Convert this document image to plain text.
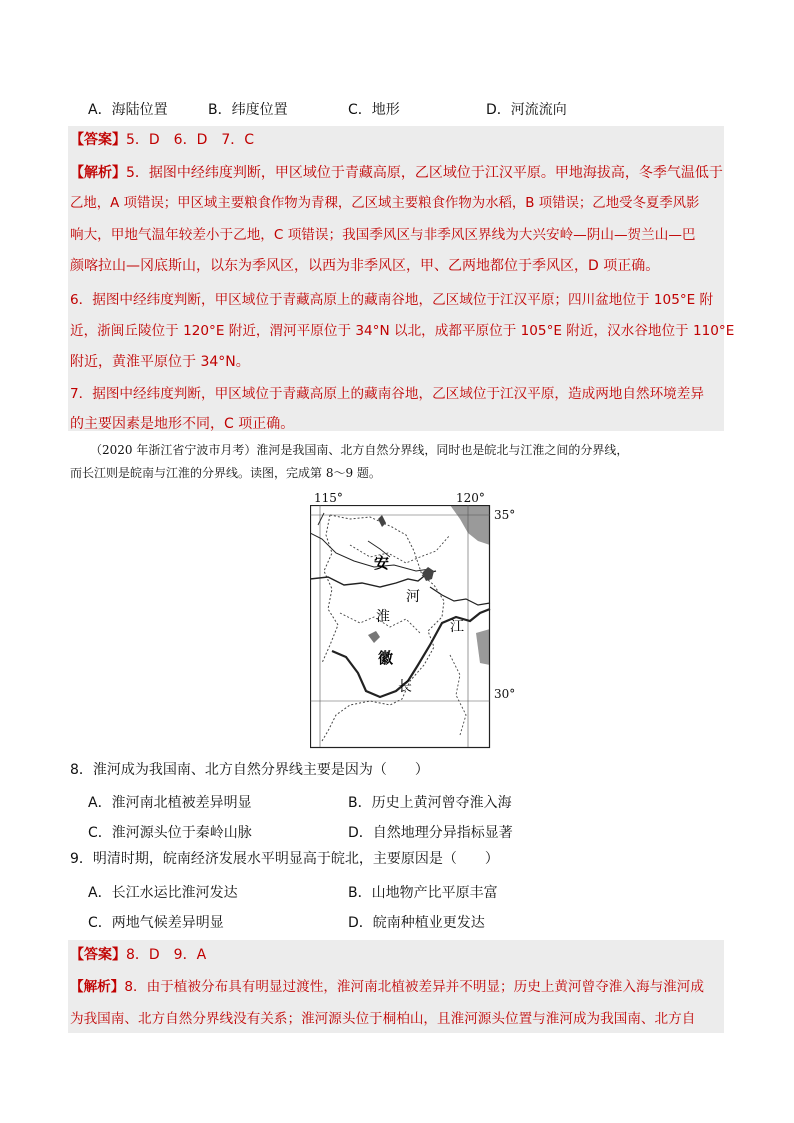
A．海陆位置	B．纬度位置	C．地形	D．河流流向
【答案】5．D　6．D　7．C
【解析】5．据图中经纬度判断，甲区域位于青藏高原，乙区域位于江汉平原。甲地海拔高，冬季气温低于
乙地，A 项错误；甲区域主要粮食作物为青稞，乙区域主要粮食作物为水稻，B 项错误；乙地受冬夏季风影
响大，甲地气温年较差小于乙地，C 项错误；我国季风区与非季风区界线为大兴安岭—阴山—贺兰山—巴
颜喀拉山—冈底斯山，以东为季风区，以西为非季风区，甲、乙两地都位于季风区，D 项正确。
6．据图中经纬度判断，甲区域位于青藏高原上的藏南谷地，乙区域位于江汉平原；四川盆地位于 105°E 附
近，浙闽丘陵位于 120°E 附近，渭河平原位于 34°N 以北，成都平原位于 105°E 附近，汉水谷地位于 110°E
附近，黄淮平原位于 34°N。
7．据图中经纬度判断，甲区域位于青藏高原上的藏南谷地，乙区域位于江汉平原，造成两地自然环境差异
的主要因素是地形不同，C 项正确。
（2020 年浙江省宁波市月考）淮河是我国南、北方自然分界线，同时也是皖北与江淮之间的分界线，
而长江则是皖南与江淮的分界线。读图，完成第 8～9 题。
安
河
淮
江
徽
长
115°	120°
35°
30°
8．淮河成为我国南、北方自然分界线主要是因为（　　）
A．淮河南北植被差异明显	B．历史上黄河曾夺淮入海
C．淮河源头位于秦岭山脉	D．自然地理分异指标显著
9．明清时期，皖南经济发展水平明显高于皖北，主要原因是（　　）
A．长江水运比淮河发达	B．山地物产比平原丰富
C．两地气候差异明显	D．皖南种植业更发达
【答案】8．D　9．A
【解析】8．由于植被分布具有明显过渡性，淮河南北植被差异并不明显；历史上黄河曾夺淮入海与淮河成
为我国南、北方自然分界线没有关系；淮河源头位于桐柏山，且淮河源头位置与淮河成为我国南、北方自
